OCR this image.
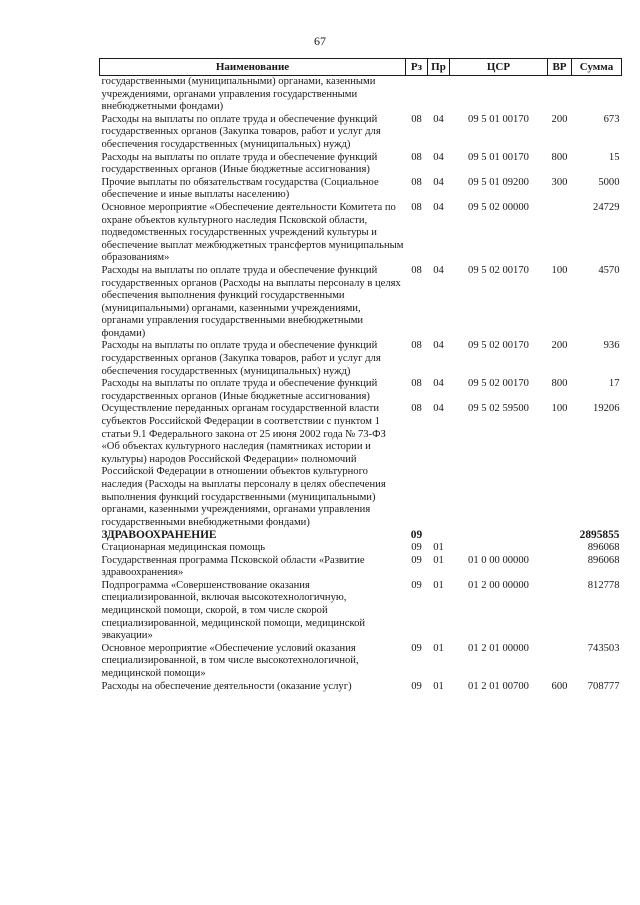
67
Наименование	Рз	Пр	ЦСР	ВР	Сумма
государственными (муниципальными) органами, казенными учреждениями, органами управления государственными внебюджетными фондами)					
Расходы на выплаты по оплате труда и обеспечение функций государственных органов (Закупка товаров, работ и услуг для обеспечения государственных (муниципальных) нужд)	08	04	09 5 01 00170	200	673
Расходы на выплаты по оплате труда и обеспечение функций государственных органов (Иные бюджетные ассигнования)	08	04	09 5 01 00170	800	15
Прочие выплаты по обязательствам государства (Социальное обеспечение и иные выплаты населению)	08	04	09 5 01 09200	300	5000
Основное мероприятие «Обеспечение деятельности Комитета по охране объектов культурного наследия Псковской области, подведомственных государственных учреждений культуры и обеспечение выплат межбюджетных трансфертов муниципальным образованиям»	08	04	09 5 02 00000		24729
Расходы на выплаты по оплате труда и обеспечение функций государственных органов (Расходы на выплаты персоналу в целях обеспечения выполнения функций государственными (муниципальными) органами, казенными учреждениями, органами управления государственными внебюджетными фондами)	08	04	09 5 02 00170	100	4570
Расходы на выплаты по оплате труда и обеспечение функций государственных органов (Закупка товаров, работ и услуг для обеспечения государственных (муниципальных) нужд)	08	04	09 5 02 00170	200	936
Расходы на выплаты по оплате труда и обеспечение функций государственных органов (Иные бюджетные ассигнования)	08	04	09 5 02 00170	800	17
Осуществление переданных органам государственной власти субъектов Российской Федерации в соответствии с пунктом 1 статьи 9.1 Федерального закона от 25 июня 2002 года № 73-ФЗ «Об объектах культурного наследия (памятниках истории и культуры) народов Российской Федерации» полномочий Российской Федерации в отношении объектов культурного наследия (Расходы на выплаты персоналу в целях обеспечения выполнения функций государственными (муниципальными) органами, казенными учреждениями, органами управления государственными внебюджетными фондами)	08	04	09 5 02 59500	100	19206
ЗДРАВООХРАНЕНИЕ	09				2895855
Стационарная медицинская помощь	09	01			896068
Государственная программа Псковской области «Развитие здравоохранения»	09	01	01 0 00 00000		896068
Подпрограмма «Совершенствование оказания специализированной, включая высокотехнологичную, медицинской помощи, скорой, в том числе скорой специализированной, медицинской помощи, медицинской эвакуации»	09	01	01 2 00 00000		812778
Основное мероприятие «Обеспечение условий оказания специализированной, в том числе высокотехнологичной, медицинской помощи»	09	01	01 2 01 00000		743503
Расходы на обеспечение деятельности (оказание услуг)	09	01	01 2 01 00700	600	708777
